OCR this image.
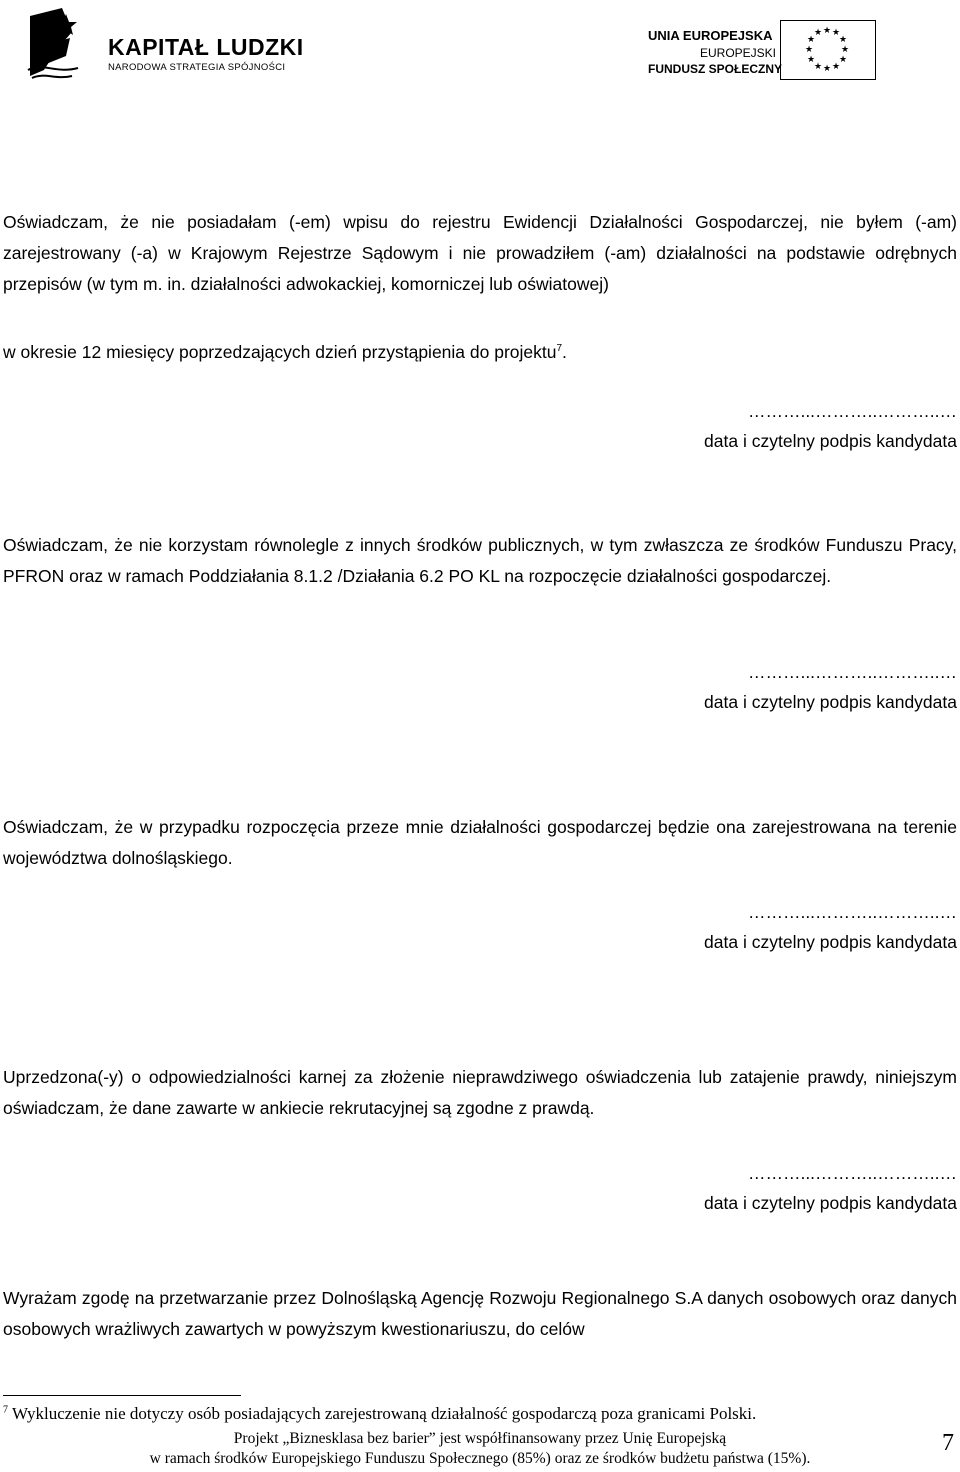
KAPITAŁ LUDZKI
NARODOWA STRATEGIA SPÓJNOŚCI
UNIA EUROPEJSKA
EUROPEJSKI
FUNDUSZ SPOŁECZNY
★ ★
★
★
★
★
★
★
★
★
★
★
Oświadczam, że nie posiadałam (-em) wpisu do rejestru Ewidencji Działalności Gospodarczej, nie byłem (-am) zarejestrowany (-a) w Krajowym Rejestrze Sądowym i nie prowadziłem (-am) działalności na podstawie odrębnych przepisów (w tym m. in. działalności adwokackiej, komorniczej lub oświatowej)
w okresie 12 miesięcy poprzedzających dzień przystąpienia do projektu$^7$.
………...………..………..…
data i czytelny podpis kandydata
Oświadczam, że nie korzystam równolegle z innych środków publicznych, w tym zwłaszcza ze środków Funduszu Pracy, PFRON oraz w ramach Poddziałania 8.1.2 /Działania 6.2 PO KL na rozpoczęcie działalności gospodarczej.
………...………..………..…
data i czytelny podpis kandydata
Oświadczam, że w przypadku rozpoczęcia przeze mnie działalności gospodarczej będzie ona zarejestrowana na terenie województwa dolnośląskiego.
………...………..………..…
data i czytelny podpis kandydata
Uprzedzona(-y) o odpowiedzialności karnej za złożenie nieprawdziwego oświadczenia lub zatajenie prawdy, niniejszym oświadczam, że dane zawarte w ankiecie rekrutacyjnej są zgodne z prawdą.
………...………..………..…
data i czytelny podpis kandydata
Wyrażam zgodę na przetwarzanie przez Dolnośląską Agencję Rozwoju Regionalnego S.A danych osobowych oraz danych osobowych wrażliwych zawartych w powyższym kwestionariuszu, do celów
$^7$ Wykluczenie nie dotyczy osób posiadających zarejestrowaną działalność gospodarczą poza granicami Polski.
Projekt „Biznesklasa bez barier” jest współfinansowany przez Unię Europejską
w ramach środków Europejskiego Funduszu Społecznego (85%) oraz ze środków budżetu państwa (15%).
7
